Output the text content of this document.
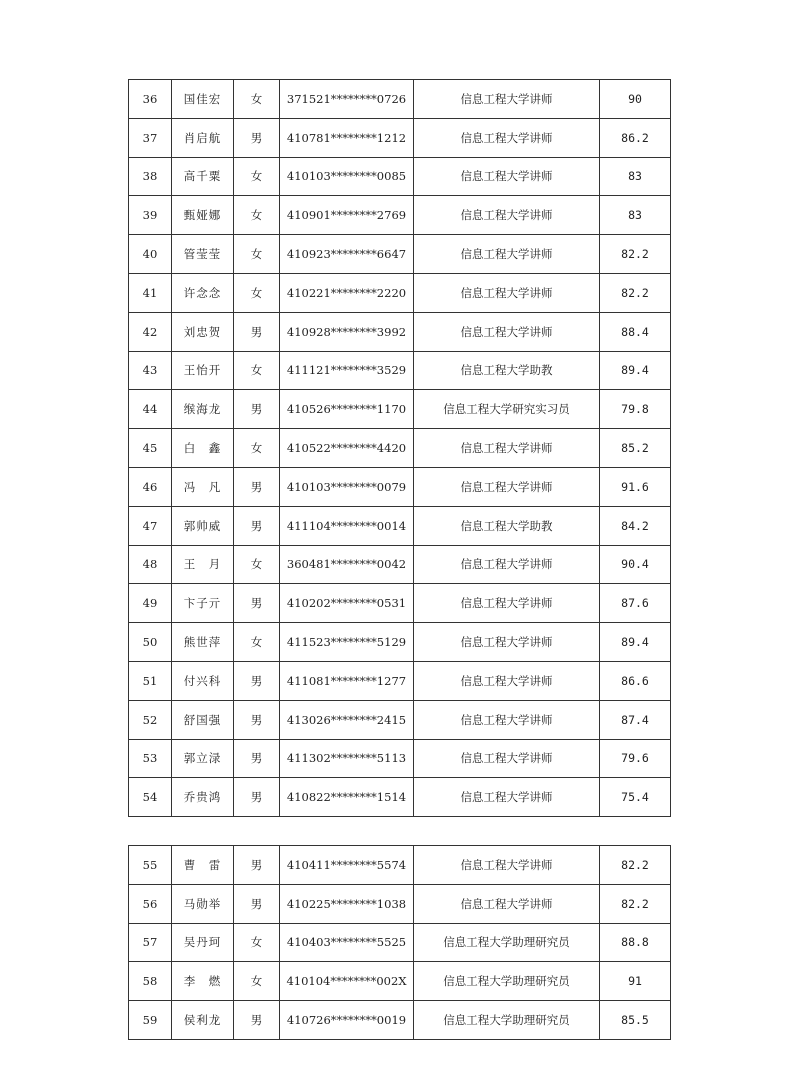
36	国佳宏	女	371521********0726	信息工程大学讲师	90
37	肖启航	男	410781********1212	信息工程大学讲师	86.2
38	高千粟	女	410103********0085	信息工程大学讲师	83
39	甄娅娜	女	410901********2769	信息工程大学讲师	83
40	管莹莹	女	410923********6647	信息工程大学讲师	82.2
41	许念念	女	410221********2220	信息工程大学讲师	82.2
42	刘忠贺	男	410928********3992	信息工程大学讲师	88.4
43	王怡开	女	411121********3529	信息工程大学助教	89.4
44	缑海龙	男	410526********1170	信息工程大学研究实习员	79.8
45	白　鑫	女	410522********4420	信息工程大学讲师	85.2
46	冯　凡	男	410103********0079	信息工程大学讲师	91.6
47	郭帅威	男	411104********0014	信息工程大学助教	84.2
48	王　月	女	360481********0042	信息工程大学讲师	90.4
49	卞子亓	男	410202********0531	信息工程大学讲师	87.6
50	熊世萍	女	411523********5129	信息工程大学讲师	89.4
51	付兴科	男	411081********1277	信息工程大学讲师	86.6
52	舒国强	男	413026********2415	信息工程大学讲师	87.4
53	郭立渌	男	411302********5113	信息工程大学讲师	79.6
54	乔贵鸿	男	410822********1514	信息工程大学讲师	75.4
55	曹　雷	男	410411********5574	信息工程大学讲师	82.2
56	马勋举	男	410225********1038	信息工程大学讲师	82.2
57	吴丹珂	女	410403********5525	信息工程大学助理研究员	88.8
58	李　燃	女	410104********002X	信息工程大学助理研究员	91
59	侯利龙	男	410726********0019	信息工程大学助理研究员	85.5
